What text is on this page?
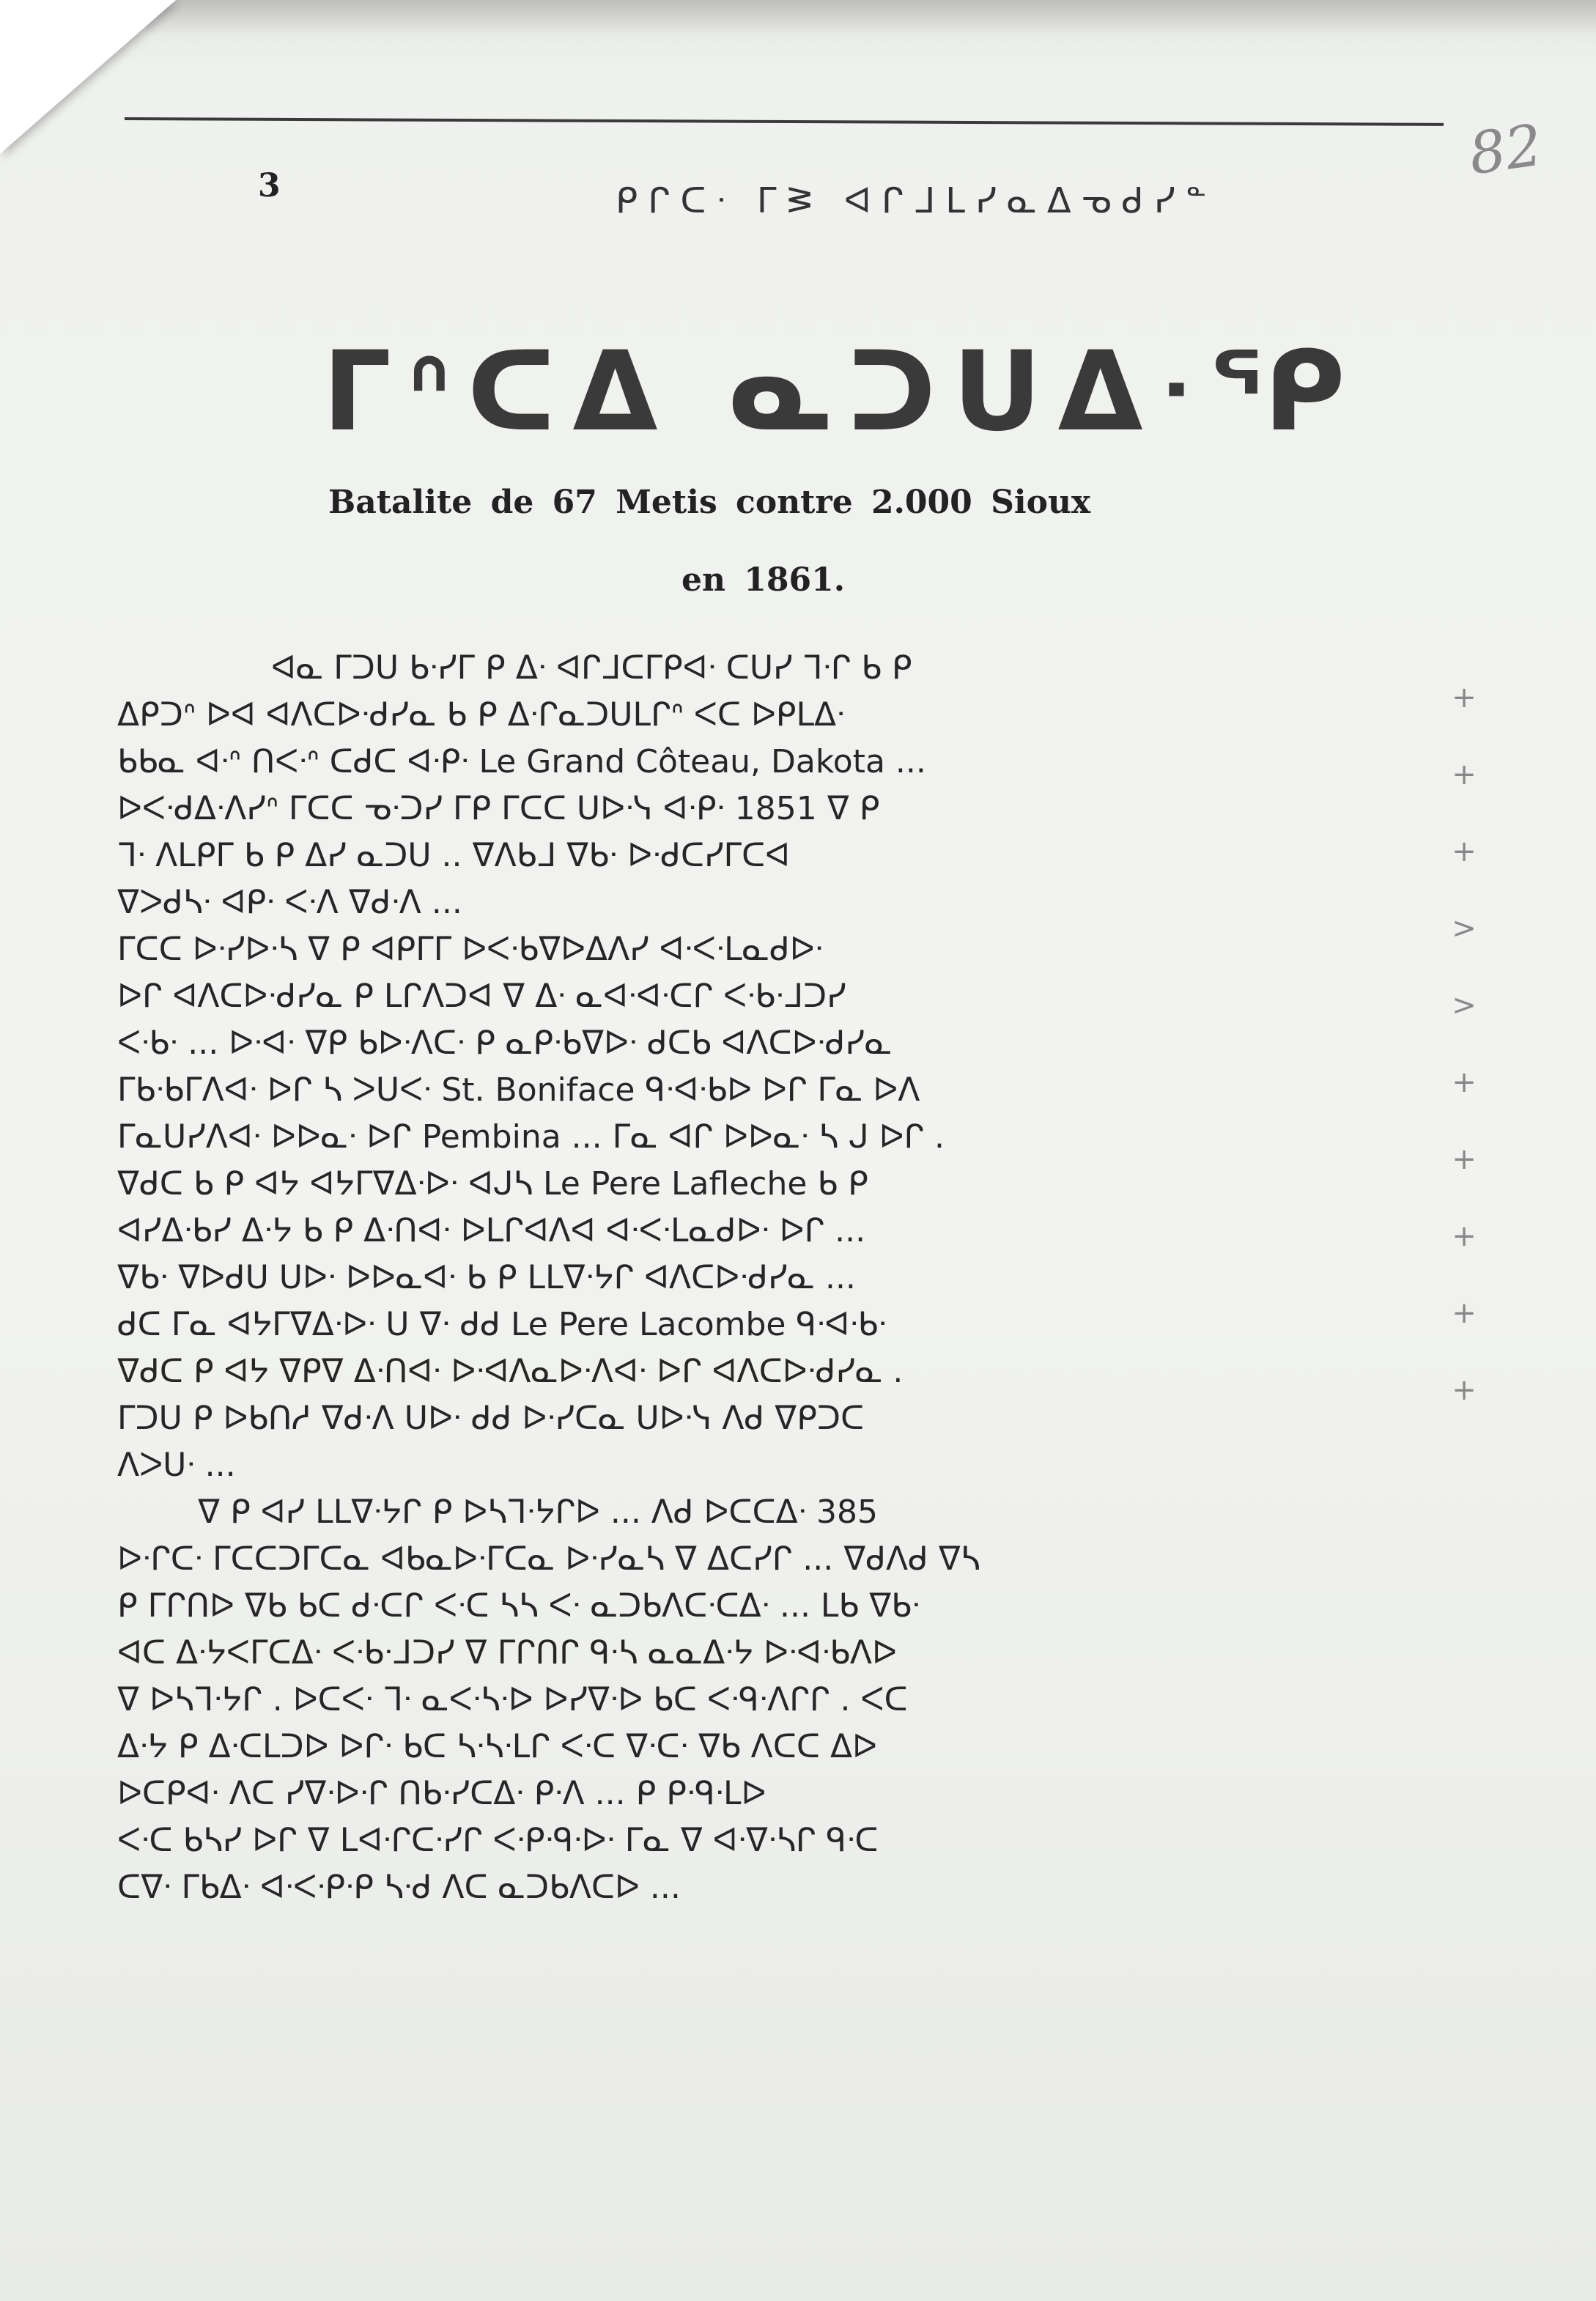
82
3	ᑭᒋᑕᐧ ᒥᕒ ᐊᒋᒧᒪᓯᓇᐃᓀᑯᓯᓐ
ᒥᐢᑕᐃ ᓇᑐᑌᐃᐧᕿ
Batalite de 67 Metis contre 2.000 Sioux
en 1861.
ᐊᓇ ᒥᑐᑌ ᑲᐧᓯᒥ ᑭ ᐃᐧ ᐊᒋᒧᑕᒥᑭᐊᐧ ᑕᑌᓯ ᒣᐧᒋ ᑲ ᑭ
ᐃᑭᑐᐢ ᐅᐊ ᐊᐱᑕᐅᐧᑯᓯᓇ ᑲ ᑭ ᐃᐧᒋᓇᑐᑌᒪᒋᐢ ᐸᑕ ᐅᑭᒪᐃᐧ
ᑲᑲᓇ ᐊᐧᐢ ᑎᐸᐧᐢ ᑕᑯᑕ ᐊᐧᑭᐧ Le Grand Côteau, Dakota ...
ᐅᐸᐧᑯᐃᐧᐱᓯᐢ ᒥᑕᑕ ᓀᐧᑐᓯ ᒥᑭ ᒥᑕᑕ ᑌᐅᐧᓭ ᐊᐧᑭᐧ 1851 ᐁ ᑭ
ᒣᐧ ᐱᒪᑭᒥ ᑲ ᑭ ᐃᓯ ᓇᑐᑌ .. ᐁᐱᑲᒧ ᐁᑲᐧ ᐅᐧᑯᑕᓯᒥᑕᐊ
ᐁᐳᑯᓴᐧ ᐊᑭᐧ ᐸᐧᐱ ᐁᑯᐧᐱ ...
ᒥᑕᑕ ᐅᐧᓯᐅᐧᓴ ᐁ ᑭ ᐊᑭᒥᒥ ᐅᐸᐧᑲᐁᐅᐃᐱᓯ ᐊᐧᐸᐧᒪᓇᑯᐅᐧ
ᐅᒋ ᐊᐱᑕᐅᐧᑯᓯᓇ ᑭ ᒪᒋᐱᑐᐊ ᐁ ᐃᐧ ᓇᐊᐧᐊᐧᑕᒋ ᐸᐧᑲᐧᒧᑐᓯ
ᐸᐧᑲᐧ ... ᐅᐧᐊᐧ ᐁᑭ ᑲᐅᐧᐱᑕᐧ ᑭ ᓇᑭᐧᑲᐁᐅᐧ ᑯᑕᑲ ᐊᐱᑕᐅᐧᑯᓯᓇ
ᒥᑲᐧᑲᒥᐱᐊᐧ ᐅᒋ ᓴ ᐳᑌᐸᐧ St. Boniface ᑫᐧᐊᐧᑲᐅ ᐅᒋ ᒥᓇ ᐅᐱ
ᒥᓇᑌᓯᐱᐊᐧ ᐅᐅᓇᐧ ᐅᒋ Pembina ... ᒥᓇ ᐊᒋ ᐅᐅᓇᐧ ᓴ ᒍ ᐅᒋ .
ᐁᑯᑕ ᑲ ᑭ ᐊᔭ ᐊᔭᒥᐁᐃᐧᐅᐧ ᐊᒍᓴ Le Pere Lafleche ᑲ ᑭ
ᐊᓯᐃᐧᑲᓯ ᐃᐧᔭ ᑲ ᑭ ᐃᐧᑎᐊᐧ ᐅᒪᒋᐊᐱᐊ ᐊᐧᐸᐧᒪᓇᑯᐅᐧ ᐅᒋ ...
ᐁᑲᐧ ᐁᐅᑯᑌ ᑌᐅᐧ ᐅᐅᓇᐊᐧ ᑲ ᑭ ᒪᒪᐁᐧᔭᒋ ᐊᐱᑕᐅᐧᑯᓯᓇ ...
ᑯᑕ ᒥᓇ ᐊᔭᒥᐁᐃᐧᐅᐧ ᑌ ᐁᐧ ᑯᑯ Le Pere Lacombe ᑫᐧᐊᐧᑲᐧ
ᐁᑯᑕ ᑭ ᐊᔭ ᐁᑭᐁ ᐃᐧᑎᐊᐧ ᐅᐧᐊᐱᓇᐅᐧᐱᐊᐧ ᐅᒋ ᐊᐱᑕᐅᐧᑯᓯᓇ .
ᒥᑐᑌ ᑭ ᐅᑲᑎᓱ ᐁᑯᐧᐱ ᑌᐅᐧ ᑯᑯ ᐅᐧᓯᑕᓇ ᑌᐅᐧᓭ ᐱᑯ ᐁᑭᑐᑕ
ᐱᐳᑌᐧ ...
ᐁ ᑭ ᐊᓯ ᒪᒪᐁᐧᔭᒋ ᑭ ᐅᓴᒣᐧᔭᒋᐅ ... ᐱᑯ ᐅᑕᑕᐃᐧ 385
ᐅᐧᒋᑕᐧ ᒥᑕᑕᑐᒥᑕᓇ ᐊᑲᓇᐅᐧᒥᑕᓇ ᐅᐧᓯᓇᓴ ᐁ ᐃᑕᓯᒋ ... ᐁᑯᐱᑯ ᐁᓴ
ᑭ ᒥᒋᑎᐅ ᐁᑲ ᑲᑕ ᑯᐧᑕᒋ ᐸᐧᑕ ᓴᓴ ᐸᐧ ᓇᑐᑲᐱᑕᐧᑕᐃᐧ ... ᒪᑲ ᐁᑲᐧ
ᐊᑕ ᐃᐧᔭᐸᒥᑕᐃᐧ ᐸᐧᑲᐧᒧᑐᓯ ᐁ ᒥᒋᑎᒋ ᑫᐧᓴ ᓇᓇᐃᐧᔭ ᐅᐧᐊᐧᑲᐱᐅ
ᐁ ᐅᓴᒣᐧᔭᒋ . ᐅᑕᐸᐧ ᒣᐧ ᓇᐸᐧᓴᐧᐅ ᐅᓯᐁᐧᐅ ᑲᑕ ᐸᐧᑫᐧᐱᒋᒋ . ᐸᑕ
ᐃᐧᔭ ᑭ ᐃᐧᑕᒪᑐᐅ ᐅᒋᐧ ᑲᑕ ᓴᐧᓴᐧᒪᒋ ᐸᐧᑕ ᐁᐧᑕᐧ ᐁᑲ ᐱᑕᑕ ᐃᐅ
ᐅᑕᑭᐊᐧ ᐱᑕ ᓯᐁᐧᐅᐧᒋ ᑎᑲᐧᓯᑕᐃᐧ ᑭᐧᐱ ... ᑭ ᑭᐧᑫᐧᒪᐅ
ᐸᐧᑕ ᑲᓴᓯ ᐅᒋ ᐁ ᒪᐊᐧᒋᑕᐧᓯᒋ ᐸᐧᑭᐧᑫᐧᐅᐧ ᒥᓇ ᐁ ᐊᐧᐁᐧᓴᒋ ᑫᐧᑕ
ᑕᐁᐧ ᒥᑲᐃᐧ ᐊᐧᐸᐧᑭᐧᑭ ᓴᐧᑯ ᐱᑕ ᓇᑐᑲᐱᑕᐅ ...
+
+
+
>
>
+
+
+
+
+
